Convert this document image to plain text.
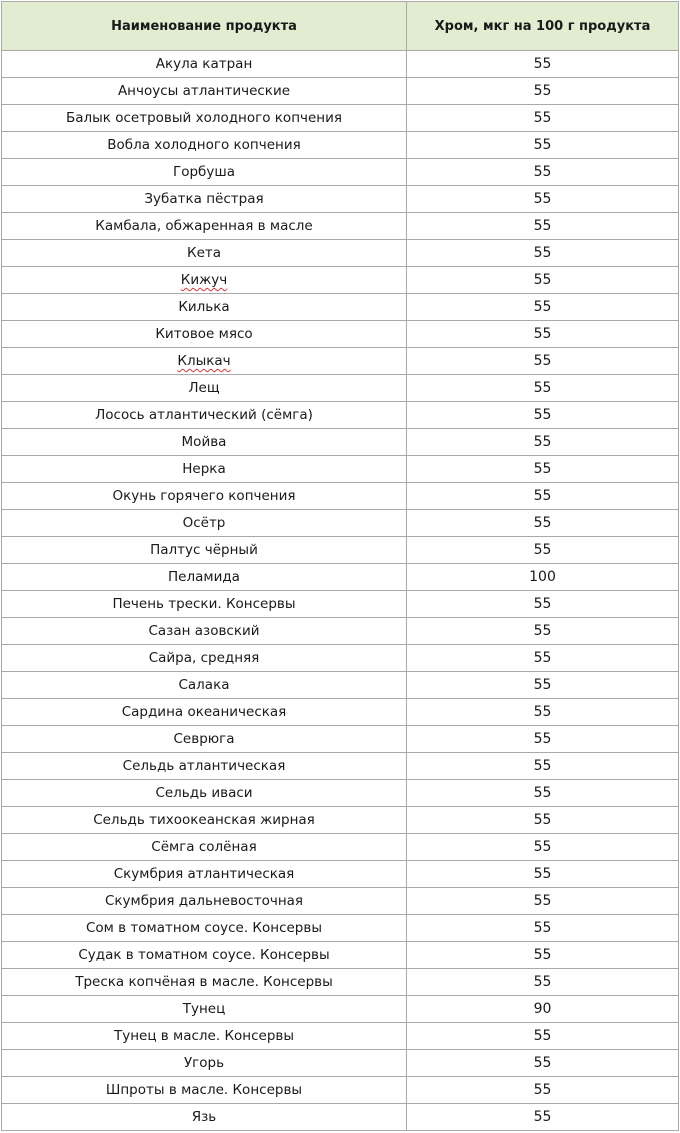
Наименование продукта	Хром, мкг на 100 г продукта
Акула катран	55
Анчоусы атлантические	55
Балык осетровый холодного копчения	55
Вобла холодного копчения	55
Горбуша	55
Зубатка пёстрая	55
Камбала, обжаренная в масле	55
Кета	55
Кижуч	55
Килька	55
Китовое мясо	55
Клыкач	55
Лещ	55
Лосось атлантический (сёмга)	55
Мойва	55
Нерка	55
Окунь горячего копчения	55
Осётр	55
Палтус чёрный	55
Пеламида	100
Печень трески. Консервы	55
Сазан азовский	55
Сайра, средняя	55
Салака	55
Сардина океаническая	55
Севрюга	55
Сельдь атлантическая	55
Сельдь иваси	55
Сельдь тихоокеанская жирная	55
Сёмга солёная	55
Скумбрия атлантическая	55
Скумбрия дальневосточная	55
Сом в томатном соусе. Консервы	55
Судак в томатном соусе. Консервы	55
Треска копчёная в масле. Консервы	55
Тунец	90
Тунец в масле. Консервы	55
Угорь	55
Шпроты в масле. Консервы	55
Язь	55
